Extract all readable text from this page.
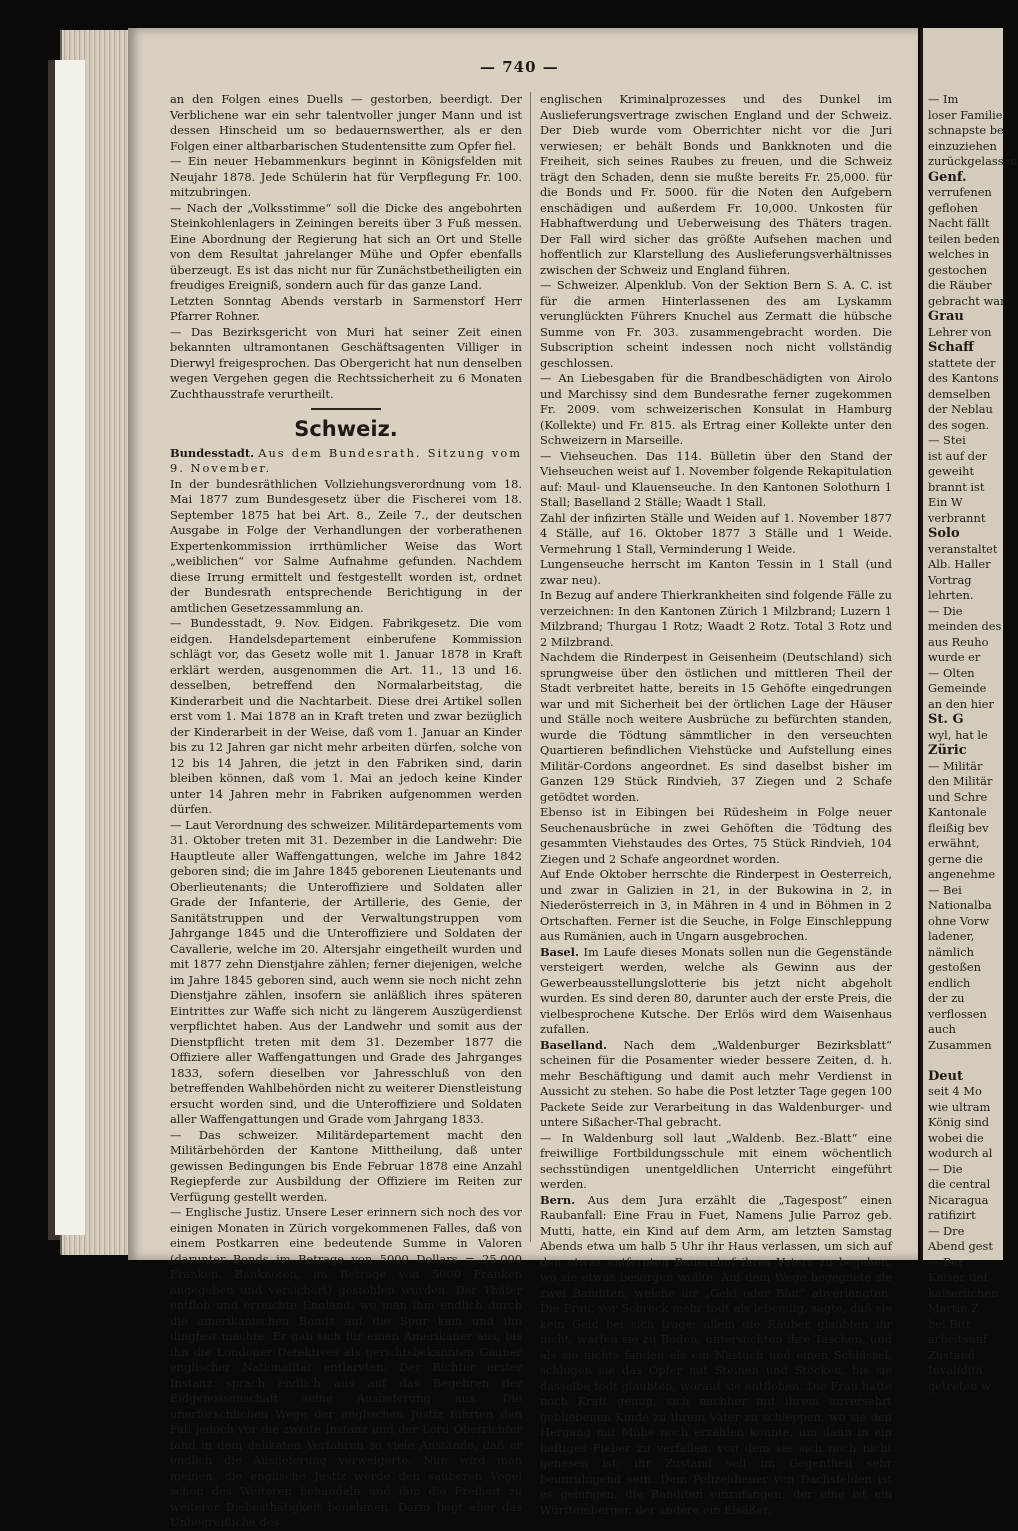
— 740 —

an den Folgen eines Duells — gestorben, beerdigt. Der Verblichene war ein sehr talentvoller junger Mann und ist dessen Hinscheid um so bedauernswerther, als er den Folgen einer altbarbarischen Studentensitte zum Opfer fiel.

— Ein neuer Hebammenkurs beginnt in Königsfelden mit Neujahr 1878. Jede Schülerin hat für Verpflegung Fr. 100. mitzubringen.

— Nach der „Volksstimme“ soll die Dicke des angebohrten Steinkohlenlagers in Zeiningen bereits über 3 Fuß messen. Eine Abordnung der Regierung hat sich an Ort und Stelle von dem Resultat jahrelanger Mühe und Opfer ebenfalls überzeugt. Es ist das nicht nur für Zunächstbetheiligten ein freudiges Ereigniß, sondern auch für das ganze Land.

Letzten Sonntag Abends verstarb in Sarmenstorf Herr Pfarrer Rohner.

— Das Bezirksgericht von Muri hat seiner Zeit einen bekannten ultramontanen Geschäftsagenten Villiger in Dierwyl freigesprochen. Das Obergericht hat nun denselben wegen Vergehen gegen die Rechtssicherheit zu 6 Monaten Zuchthausstrafe verurtheilt.

Schweiz.

Bundesstadt. Aus dem Bundesrath. Sitzung vom 9. November.

In der bundesräthlichen Vollziehungsverordnung vom 18. Mai 1877 zum Bundesgesetz über die Fischerei vom 18. September 1875 hat bei Art. 8., Zeile 7., der deutschen Ausgabe in Folge der Verhandlungen der vorberathenen Expertenkommission irrthümlicher Weise das Wort „weiblichen“ vor Salme Aufnahme gefunden. Nachdem diese Irrung ermittelt und festgestellt worden ist, ordnet der Bundesrath entsprechende Berichtigung in der amtlichen Gesetzessammlung an.

— Bundesstadt, 9. Nov. Eidgen. Fabrikgesetz. Die vom eidgen. Handelsdepartement einberufene Kommission schlägt vor, das Gesetz wolle mit 1. Januar 1878 in Kraft erklärt werden, ausgenommen die Art. 11., 13 und 16. desselben, betreffend den Normalarbeitstag, die Kinderarbeit und die Nachtarbeit. Diese drei Artikel sollen erst vom 1. Mai 1878 an in Kraft treten und zwar bezüglich der Kinderarbeit in der Weise, daß vom 1. Januar an Kinder bis zu 12 Jahren gar nicht mehr arbeiten dürfen, solche von 12 bis 14 Jahren, die jetzt in den Fabriken sind, darin bleiben können, daß vom 1. Mai an jedoch keine Kinder unter 14 Jahren mehr in Fabriken aufgenommen werden dürfen.

— Laut Verordnung des schweizer. Militärdepartements vom 31. Oktober treten mit 31. Dezember in die Landwehr: Die Hauptleute aller Waffengattungen, welche im Jahre 1842 geboren sind; die im Jahre 1845 geborenen Lieutenants und Oberlieutenants; die Unteroffiziere und Soldaten aller Grade der Infanterie, der Artillerie, des Genie, der Sanitätstruppen und der Verwaltungstruppen vom Jahrgange 1845 und die Unteroffiziere und Soldaten der Cavallerie, welche im 20. Altersjahr eingetheilt wurden und mit 1877 zehn Dienstjahre zählen; ferner diejenigen, welche im Jahre 1845 geboren sind, auch wenn sie noch nicht zehn Dienstjahre zählen, insofern sie anläßlich ihres späteren Eintrittes zur Waffe sich nicht zu längerem Auszügerdienst verpflichtet haben. Aus der Landwehr und somit aus der Dienstpflicht treten mit dem 31. Dezember 1877 die Offiziere aller Waffengattungen und Grade des Jahrganges 1833, sofern dieselben vor Jahresschluß von den betreffenden Wahlbehörden nicht zu weiterer Dienstleistung ersucht worden sind, und die Unteroffiziere und Soldaten aller Waffengattungen und Grade vom Jahrgang 1833.

— Das schweizer. Militärdepartement macht den Militärbehörden der Kantone Mittheilung, daß unter gewissen Bedingungen bis Ende Februar 1878 eine Anzahl Regiepferde zur Ausbildung der Offiziere im Reiten zur Verfügung gestellt werden.

— Englische Justiz. Unsere Leser erinnern sich noch des vor einigen Monaten in Zürich vorgekommenen Falles, daß von einem Postkarren eine bedeutende Summe in Valoren (darunter Bonds im Betrage von 5000 Dollars = 25,000 Franken, Banknoten, im Betrage von 5000 Franken angegeben und versichert) gestohlen wurden. Der Thäter entfloh und erreichte England, wo man ihm endlich durch die amerikanischen Bonds auf die Spur kam und ihn dingfest machte. Er gab sich für einen Amerikaner aus, bis ihn die Londoner Detektives als gerichtsbekannten Gauner englischer Nationalität entlarvten. Der Richter erster Instanz sprach endlich aus auf das Begehren der Eidgenossenschaft seine Auslieferung aus. Die unerforschlichen Wege der englischen Justiz führten den Fall jedoch vor die zweite Instanz und der Lord Oberrichter fand in dem delikaten Verfahren so viele Anstände, daß er endlich die Auslieferung verweigerte. Nun wird man meinen, die englische Justiz werde den sauberen Vogel schon des Weiteren behandeln und ihm die Freiheit zu weiterer Diebesthätigkeit benehmen. Darin liegt aber das Unbegreifliche des

englischen Kriminalprozesses und des Dunkel im Auslieferungsvertrage zwischen England und der Schweiz. Der Dieb wurde vom Oberrichter nicht vor die Juri verwiesen; er behält Bonds und Bankknoten und die Freiheit, sich seines Raubes zu freuen, und die Schweiz trägt den Schaden, denn sie mußte bereits Fr. 25,000. für die Bonds und Fr. 5000. für die Noten den Aufgebern enschädigen und außerdem Fr. 10,000. Unkosten für Habhaftwerdung und Ueberweisung des Thäters tragen. Der Fall wird sicher das größte Aufsehen machen und hoffentlich zur Klarstellung des Auslieferungsverhältnisses zwischen der Schweiz und England führen.

— Schweizer. Alpenklub. Von der Sektion Bern S. A. C. ist für die armen Hinterlassenen des am Lyskamm verunglückten Führers Knuchel aus Zermatt die hübsche Summe von Fr. 303. zusammengebracht worden. Die Subscription scheint indessen noch nicht vollständig geschlossen.

— An Liebesgaben für die Brandbeschädigten von Airolo und Marchissy sind dem Bundesrathe ferner zugekommen Fr. 2009. vom schweizerischen Konsulat in Hamburg (Kollekte) und Fr. 815. als Ertrag einer Kollekte unter den Schweizern in Marseille.

— Viehseuchen. Das 114. Bülletin über den Stand der Viehseuchen weist auf 1. November folgende Rekapitulation auf: Maul- und Klauenseuche. In den Kantonen Solothurn 1 Stall; Baselland 2 Ställe; Waadt 1 Stall.

Zahl der infizirten Ställe und Weiden auf 1. November 1877 4 Ställe, auf 16. Oktober 1877 3 Ställe und 1 Weide. Vermehrung 1 Stall, Verminderung 1 Weide.

Lungenseuche herrscht im Kanton Tessin in 1 Stall (und zwar neu).

In Bezug auf andere Thierkrankheiten sind folgende Fälle zu verzeichnen: In den Kantonen Zürich 1 Milzbrand; Luzern 1 Milzbrand; Thurgau 1 Rotz; Waadt 2 Rotz. Total 3 Rotz und 2 Milzbrand.

Nachdem die Rinderpest in Geisenheim (Deutschland) sich sprungweise über den östlichen und mittleren Theil der Stadt verbreitet hatte, bereits in 15 Gehöfte eingedrungen war und mit Sicherheit bei der örtlichen Lage der Häuser und Ställe noch weitere Ausbrüche zu befürchten standen, wurde die Tödtung sämmtlicher in den verseuchten Quartieren befindlichen Viehstücke und Aufstellung eines Militär-Cordons angeordnet. Es sind daselbst bisher im Ganzen 129 Stück Rindvieh, 37 Ziegen und 2 Schafe getödtet worden.

Ebenso ist in Eibingen bei Rüdesheim in Folge neuer Seuchenausbrüche in zwei Gehöften die Tödtung des gesammten Viehstaudes des Ortes, 75 Stück Rindvieh, 104 Ziegen und 2 Schafe angeordnet worden.

Auf Ende Oktober herrschte die Rinderpest in Oesterreich, und zwar in Galizien in 21, in der Bukowina in 2, in Niederösterreich in 3, in Mähren in 4 und in Böhmen in 2 Ortschaften. Ferner ist die Seuche, in Folge Einschleppung aus Rumänien, auch in Ungarn ausgebrochen.

Basel. Im Laufe dieses Monats sollen nun die Gegenstände versteigert werden, welche als Gewinn aus der Gewerbeausstellungslotterie bis jetzt nicht abgeholt wurden. Es sind deren 80, darunter auch der erste Preis, die vielbesprochene Kutsche. Der Erlös wird dem Waisenhaus zufallen.

Baselland. Nach dem „Waldenburger Bezirksblatt“ scheinen für die Posamenter wieder bessere Zeiten, d. h. mehr Beschäftigung und damit auch mehr Verdienst in Aussicht zu stehen. So habe die Post letzter Tage gegen 100 Packete Seide zur Verarbeitung in das Waldenburger- und untere Sißacher-Thal gebracht.

— In Waldenburg soll laut „Waldenb. Bez.-Blatt“ eine freiwillige Fortbildungsschule mit einem wöchentlich sechsstündigen unentgeldlichen Unterricht eingeführt werden.

Bern. Aus dem Jura erzählt die „Tagespost“ einen Raubanfall: Eine Frau in Fuet, Namens Julie Parroz geb. Mutti, hatte, ein Kind auf dem Arm, am letzten Samstag Abends etwa um halb 5 Uhr ihr Haus verlassen, um sich auf den etwas entfernten Bauernhof ihres Vaters zu begeben, wo sie etwas besorgen wollte. Auf dem Wege begegnete sie zwei Banditen, welche ihr „Geld oder Blut“ abverlangten. Die Frau, vor Schreck mehr todt als lebendig, sagte, daß sie kein Geld bei sich trage; allein die Räuber glaubten ihr nicht, warfen sie zu Boden, untersuchten ihre Taschen, und als sie nichts fanden als ein Nastuch und einen Schlüssel, schlugen sie das Opfer mit Steinen und Stöcken, bis sie dasselbe todt glaubten, worauf sie entflohen. Die Frau hatte noch Kraft genug, sich nachher mit ihrem unversehrt gebliebenen Kinde zu ihrem Vater zu schleppen, wo sie den Hergang mit Mühe noch erzählen konnte, um dann in ein heftiges Fieber zu verfallen, von dem sie sich noch nicht genesen ist; ihr Zustand soll im Gegentheil sehr beunruhigend sein. Dem Polizeidiener von Dachsfelden ist es gelungen, die Banditen einzufangen; der eine ist ein Württemberger, der andere ein Elsäßer.

— Im
loser Familie
schnapste be
einzuziehen
zurückgelassen
Genf.
verrufenen
geflohen
Nacht fällt
teilen beden
welches in
gestochen
die Räuber
gebracht war
Grau
Lehrer von
Schaff
stattete der
des Kantons
demselben
der Neblau
des sogen.
— Stei
ist auf der
geweiht
brannt ist
Ein W
verbrannt
Solo
veranstaltet
Alb. Haller
Vortrag
lehrten.
— Die
meinden des
aus Reuho
wurde er
— Olten
Gemeinde
an den hier
St. G
wyl, hat le
Züric
— Militär
den Militär
und Schre
Kantonale
fleißig bev
erwähnt,
gerne die
angenehme
— Bei
Nationalba
ohne Vorw
ladener,
nämlich
gestoßen
endlich
der zu
verflossen
auch
Zusammen
Deut
seit 4 Mo
wie ultram
König sind
wobei die
wodurch al
— Die
die central
Nicaragua
ratifizirt
— Dre
Abend gest
— Ber
Kaiser tief
kaiserlichen
Martin Z
bei Bitt
arbeitsunf
Zustand
Invaliditä
getreten w
